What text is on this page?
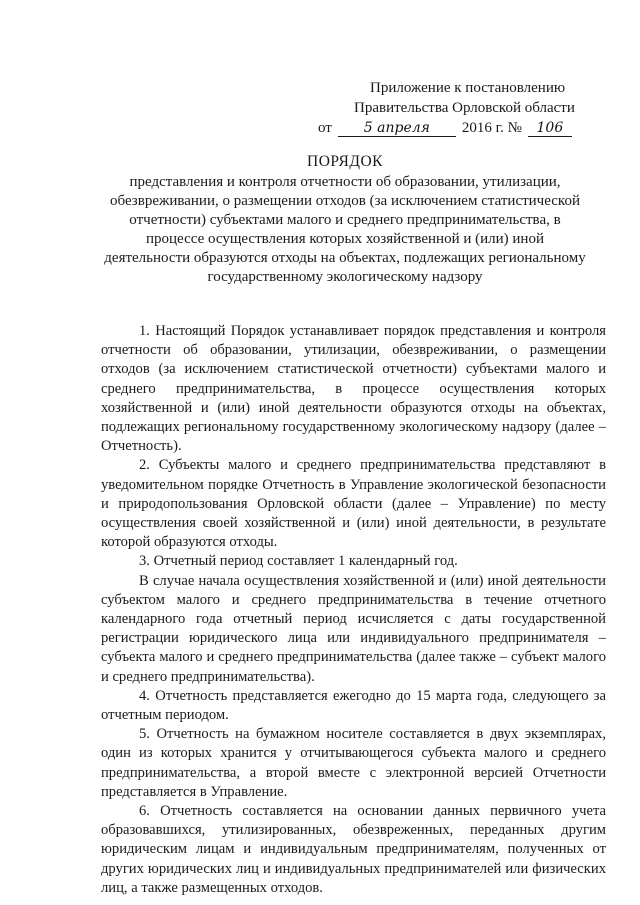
Приложение к постановлению
Правительства Орловской области
от	5 апреля	2016 г. №	106
ПОРЯДОК
представления и контроля отчетности об образовании, утилизации, обезвреживании, о размещении отходов (за исключением статистической отчетности) субъектами малого и среднего предпринимательства, в процессе осуществления которых хозяйственной и (или) иной деятельности образуются отходы на объектах, подлежащих региональному государственному экологическому надзору

1. Настоящий Порядок устанавливает порядок представления и контроля отчетности об образовании, утилизации, обезвреживании, о размещении отходов (за исключением статистической отчетности) субъектами малого и среднего предпринимательства, в процессе осуществления которых хозяйственной и (или) иной деятельности образуются отходы на объектах, подлежащих региональному государственному экологическому надзору (далее – Отчетность).

2. Субъекты малого и среднего предпринимательства представляют в уведомительном порядке Отчетность в Управление экологической безопасности и природопользования Орловской области (далее – Управление) по месту осуществления своей хозяйственной и (или) иной деятельности, в результате которой образуются отходы.

3. Отчетный период составляет 1 календарный год.

В случае начала осуществления хозяйственной и (или) иной деятельности субъектом малого и среднего предпринимательства в течение отчетного календарного года отчетный период исчисляется с даты государственной регистрации юридического лица или индивидуального предпринимателя – субъекта малого и среднего предпринимательства (далее также – субъект малого и среднего предпринимательства).

4. Отчетность представляется ежегодно до 15 марта года, следующего за отчетным периодом.

5. Отчетность на бумажном носителе составляется в двух экземплярах, один из которых хранится у отчитывающегося субъекта малого и среднего предпринимательства, а второй вместе с электронной версией Отчетности представляется в Управление.

6. Отчетность составляется на основании данных первичного учета образовавшихся, утилизированных, обезвреженных, переданных другим юридическим лицам и индивидуальным предпринимателям, полученных от других юридических лиц и индивидуальных предпринимателей или физических лиц, а также размещенных отходов.
